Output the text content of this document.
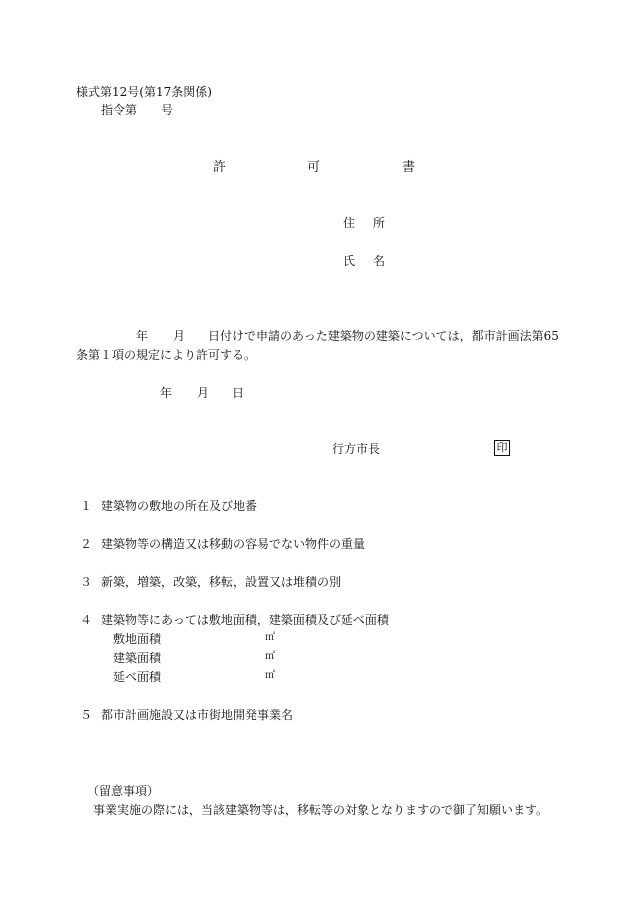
様式第12号(第17条関係)
指令第 号
許	可	書
住 所
氏 名
年 月 日付けで申請のあった建築物の建築については，都市計画法第65
条第１項の規定により許可する。
年 月 日
行方市長	印
１ 建築物の敷地の所在及び地番
２ 建築物等の構造又は移動の容易でない物件の重量
３ 新築，増築，改築，移転，設置又は堆積の別
４ 建築物等にあっては敷地面積，建築面積及び延べ面積
敷地面積	㎡
建築面積	㎡
延べ面積	㎡
５ 都市計画施設又は市街地開発事業名
（留意事項）
事業実施の際には，当該建築物等は，移転等の対象となりますので御了知願います。
